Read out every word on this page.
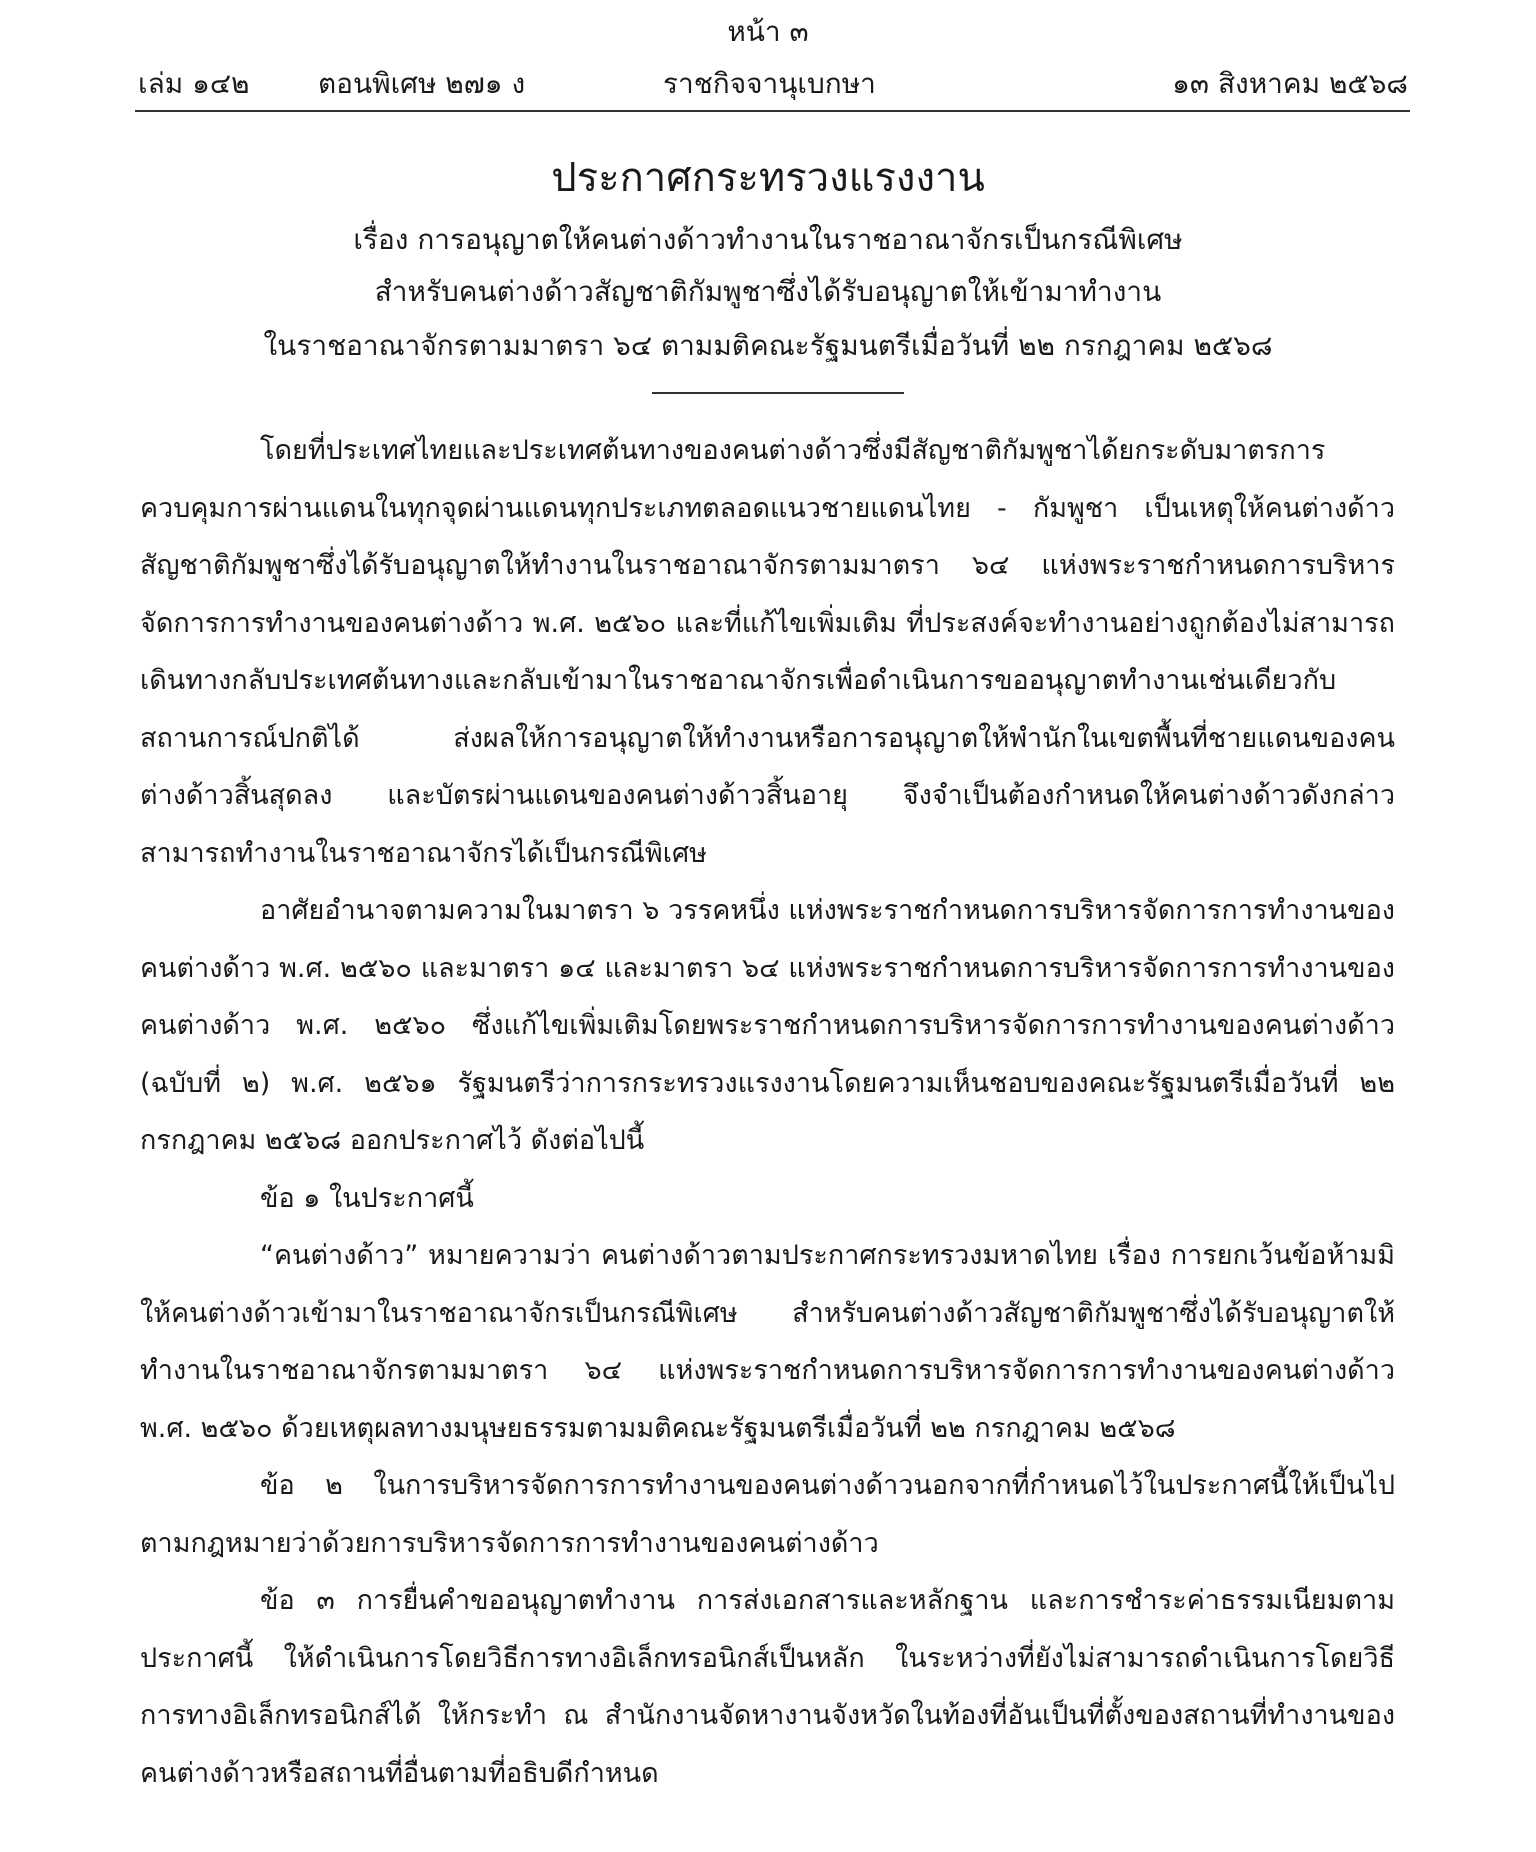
หน้า ๓
เล่ม ๑๔๒ ตอนพิเศษ ๒๗๑ ง	ราชกิจจานุเบกษา	๑๓ สิงหาคม ๒๕๖๘
ประกาศกระทรวงแรงงาน
เรื่อง การอนุญาตให้คนต่างด้าวทำงานในราชอาณาจักรเป็นกรณีพิเศษ
สำหรับคนต่างด้าวสัญชาติกัมพูชาซึ่งได้รับอนุญาตให้เข้ามาทำงาน
ในราชอาณาจักรตามมาตรา ๖๔ ตามมติคณะรัฐมนตรีเมื่อวันที่ ๒๒ กรกฎาคม ๒๕๖๘

โดยที่ประเทศไทยและประเทศต้นทางของคนต่างด้าวซึ่งมีสัญชาติกัมพูชาได้ยกระดับมาตรการควบคุมการผ่านแดนในทุกจุดผ่านแดนทุกประเภทตลอดแนวชายแดนไทย - กัมพูชา เป็นเหตุให้คนต่างด้าวสัญชาติกัมพูชาซึ่งได้รับอนุญาตให้ทำงานในราชอาณาจักรตามมาตรา ๖๔ แห่งพระราชกำหนดการบริหารจัดการการทำงานของคนต่างด้าว พ.ศ. ๒๕๖๐ และที่แก้ไขเพิ่มเติม ที่ประสงค์จะทำงานอย่างถูกต้องไม่สามารถเดินทางกลับประเทศต้นทางและกลับเข้ามาในราชอาณาจักรเพื่อดำเนินการขออนุญาตทำงานเช่นเดียวกับสถานการณ์ปกติได้ ส่งผลให้การอนุญาตให้ทำงานหรือการอนุญาตให้พำนักในเขตพื้นที่ชายแดนของคนต่างด้าวสิ้นสุดลง และบัตรผ่านแดนของคนต่างด้าวสิ้นอายุ จึงจำเป็นต้องกำหนดให้คนต่างด้าวดังกล่าวสามารถทำงานในราชอาณาจักรได้เป็นกรณีพิเศษ

อาศัยอำนาจตามความในมาตรา ๖ วรรคหนึ่ง แห่งพระราชกำหนดการบริหารจัดการการทำงานของคนต่างด้าว พ.ศ. ๒๕๖๐ และมาตรา ๑๔ และมาตรา ๖๔ แห่งพระราชกำหนดการบริหารจัดการการทำงานของคนต่างด้าว พ.ศ. ๒๕๖๐ ซึ่งแก้ไขเพิ่มเติมโดยพระราชกำหนดการบริหารจัดการการทำงานของคนต่างด้าว (ฉบับที่ ๒) พ.ศ. ๒๕๖๑ รัฐมนตรีว่าการกระทรวงแรงงานโดยความเห็นชอบของคณะรัฐมนตรีเมื่อวันที่ ๒๒ กรกฎาคม ๒๕๖๘ ออกประกาศไว้ ดังต่อไปนี้

ข้อ ๑ ในประกาศนี้

“คนต่างด้าว” หมายความว่า คนต่างด้าวตามประกาศกระทรวงมหาดไทย เรื่อง การยกเว้นข้อห้ามมิให้คนต่างด้าวเข้ามาในราชอาณาจักรเป็นกรณีพิเศษ สำหรับคนต่างด้าวสัญชาติกัมพูชาซึ่งได้รับอนุญาตให้ทำงานในราชอาณาจักรตามมาตรา ๖๔ แห่งพระราชกำหนดการบริหารจัดการการทำงานของคนต่างด้าว พ.ศ. ๒๕๖๐ ด้วยเหตุผลทางมนุษยธรรมตามมติคณะรัฐมนตรีเมื่อวันที่ ๒๒ กรกฎาคม ๒๕๖๘

ข้อ ๒ ในการบริหารจัดการการทำงานของคนต่างด้าวนอกจากที่กำหนดไว้ในประกาศนี้ให้เป็นไปตามกฎหมายว่าด้วยการบริหารจัดการการทำงานของคนต่างด้าว

ข้อ ๓ การยื่นคำขออนุญาตทำงาน การส่งเอกสารและหลักฐาน และการชำระค่าธรรมเนียมตามประกาศนี้ ให้ดำเนินการโดยวิธีการทางอิเล็กทรอนิกส์เป็นหลัก ในระหว่างที่ยังไม่สามารถดำเนินการโดยวิธีการทางอิเล็กทรอนิกส์ได้ ให้กระทำ ณ สำนักงานจัดหางานจังหวัดในท้องที่อันเป็นที่ตั้งของสถานที่ทำงานของคนต่างด้าวหรือสถานที่อื่นตามที่อธิบดีกำหนด
